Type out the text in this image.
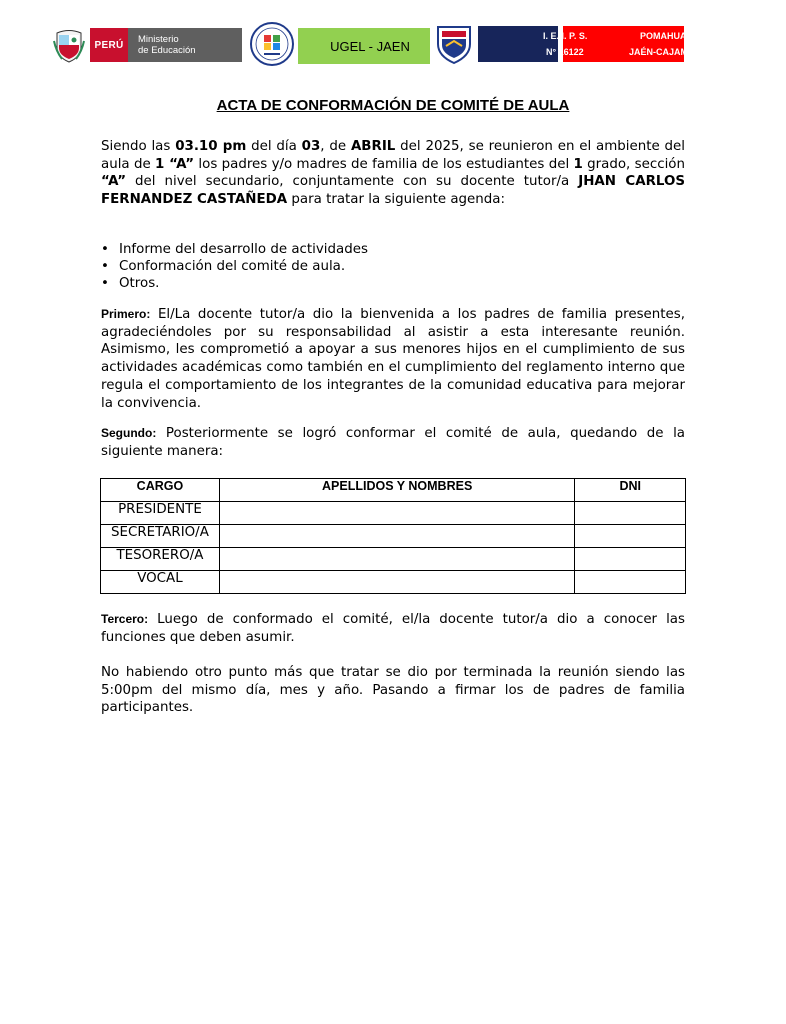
PERÚ Ministerio
de Educación	UGEL - JAEN
POMAHUACA
JAÉN-CAJAMARCA
I. E. I. P. S.
N° 16122
ACTA DE CONFORMACIÓN DE COMITÉ DE AULA

Siendo las 03.10 pm del día 03, de ABRIL del 2025, se reunieron en el ambiente del aula de 1 “A” los padres y/o madres de familia de los estudiantes del 1 grado, sección “A” del nivel secundario, conjuntamente con su docente tutor/a JHAN CARLOS FERNANDEZ CASTAÑEDA para tratar la siguiente agenda:

• Informe del desarrollo de actividades
• Conformación del comité de aula.
• Otros.

Primero: El/La docente tutor/a dio la bienvenida a los padres de familia presentes, agradeciéndoles por su responsabilidad al asistir a esta interesante reunión. Asimismo, les comprometió a apoyar a sus menores hijos en el cumplimiento de sus actividades académicas como también en el cumplimiento del reglamento interno que regula el comportamiento de los integrantes de la comunidad educativa para mejorar la convivencia.

Segundo: Posteriormente se logró conformar el comité de aula, quedando de la siguiente manera:

CARGO	APELLIDOS Y NOMBRES	DNI
PRESIDENTE		
SECRETARIO/A		
TESORERO/A		
VOCAL		

Tercero: Luego de conformado el comité, el/la docente tutor/a dio a conocer las funciones que deben asumir.

No habiendo otro punto más que tratar se dio por terminada la reunión siendo las 5:00pm del mismo día, mes y año. Pasando a firmar los de padres de familia participantes.
